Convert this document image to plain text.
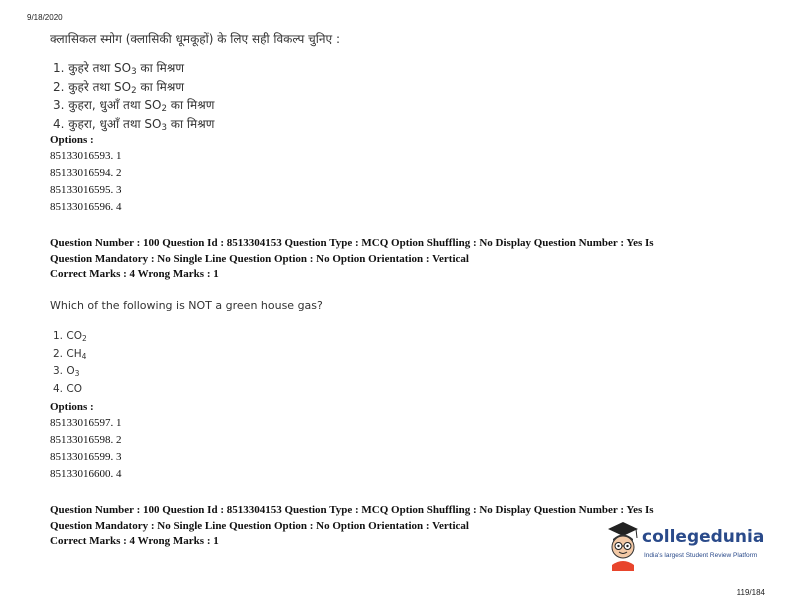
9/18/2020
क्लासिकल स्मोग (क्लासिकी धूमकूहों) के लिए सही विकल्प चुनिए :
1. कुहरे तथा $SO_3$ का मिश्रण
2. कुहरे तथा $SO_2$ का मिश्रण
3. कुहरा, धुआँ तथा $SO_2$ का मिश्रण
4. कुहरा, धुआँ तथा $SO_3$ का मिश्रण
Options :
85133016593. 1
85133016594. 2
85133016595. 3
85133016596. 4
Question Number : 100 Question Id : 8513304153 Question Type : MCQ Option Shuffling : No Display Question Number : Yes Is
Question Mandatory : No Single Line Question Option : No Option Orientation : Vertical
Correct Marks : 4 Wrong Marks : 1
Which of the following is NOT a green house gas?
1. $CO_2$
2. $CH_4$
3. $O_3$
4. CO
Options :
85133016597. 1
85133016598. 2
85133016599. 3
85133016600. 4
Question Number : 100 Question Id : 8513304153 Question Type : MCQ Option Shuffling : No Display Question Number : Yes Is
Question Mandatory : No Single Line Question Option : No Option Orientation : Vertical
Correct Marks : 4 Wrong Marks : 1	collegedunia
India's largest Student Review Platform
119/184
